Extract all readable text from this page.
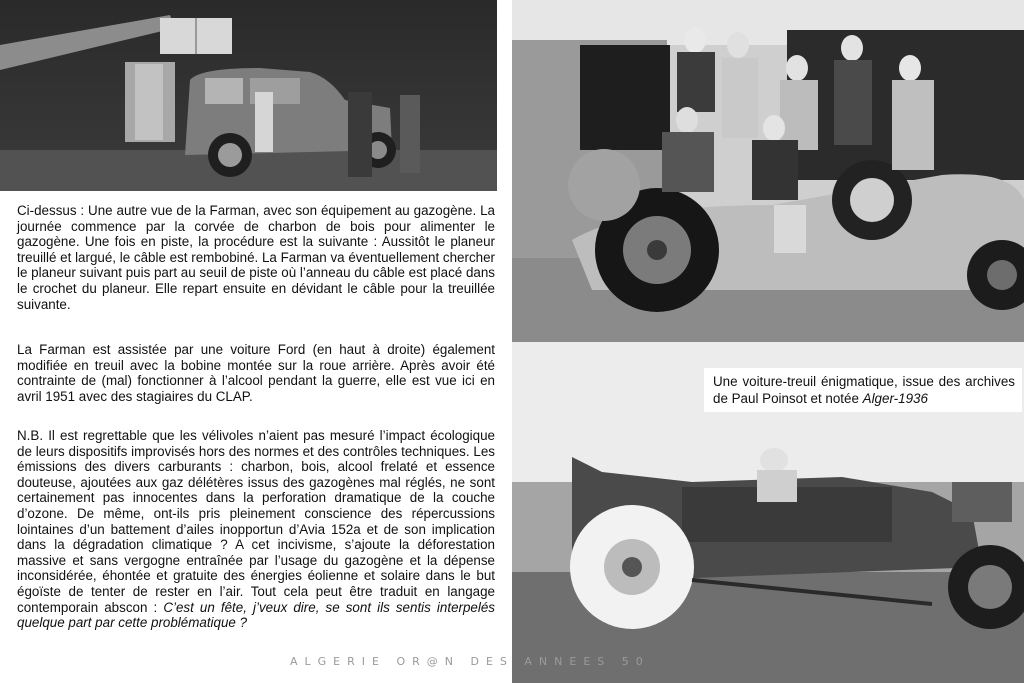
Ci-dessus : Une autre vue de la Farman, avec son équipement au gazogène. La journée commence par la corvée de charbon de bois pour alimenter le gazogène. Une fois en piste, la procédure est la suivante : Aussitôt le planeur treuillé et largué, le câble est rembobiné. La Farman va éventuellement chercher le planeur suivant puis part au seuil de piste où l’anneau du câble est placé dans le crochet du planeur. Elle repart ensuite en dévidant le câble pour la treuillée suivante.

La Farman est assistée par une voiture Ford (en haut à droite) également modifiée en treuil avec la bobine montée sur la roue arrière. Après avoir été contrainte de (mal) fonctionner à l’alcool pendant la guerre, elle est vue ici en avril 1951 avec des stagiaires du CLAP.

N.B. Il est regrettable que les vélivoles n’aient pas mesuré l’impact écologique de leurs dispositifs improvisés hors des normes et des contrôles techniques. Les émissions des divers carburants : charbon, bois, alcool frelaté et essence douteuse, ajoutées aux gaz délétères issus des gazogènes mal réglés, ne sont certainement pas innocentes dans la perforation dramatique de la couche d’ozone. De même, ont-ils pris pleinement conscience des répercussions lointaines d’un battement d’ailes inopportun d’Avia 152a et de son implication dans la dégradation climatique ? A cet incivisme, s’ajoute la déforestation massive et sans vergogne entraînée par l’usage du gazogène et la dépense inconsidérée, éhontée et gratuite des énergies éolienne et solaire dans le but égoïste de tenter de rester en l’air. Tout cela peut être traduit en langage contemporain abscon : C’est un fête, j’veux dire, se sont ils sentis interpelés quelque part par cette problématique ?

Une voiture-treuil énigmatique, issue des archives de Paul Poinsot et notée Alger-1936

ALGERIE OR@N DES ANNEES 50
